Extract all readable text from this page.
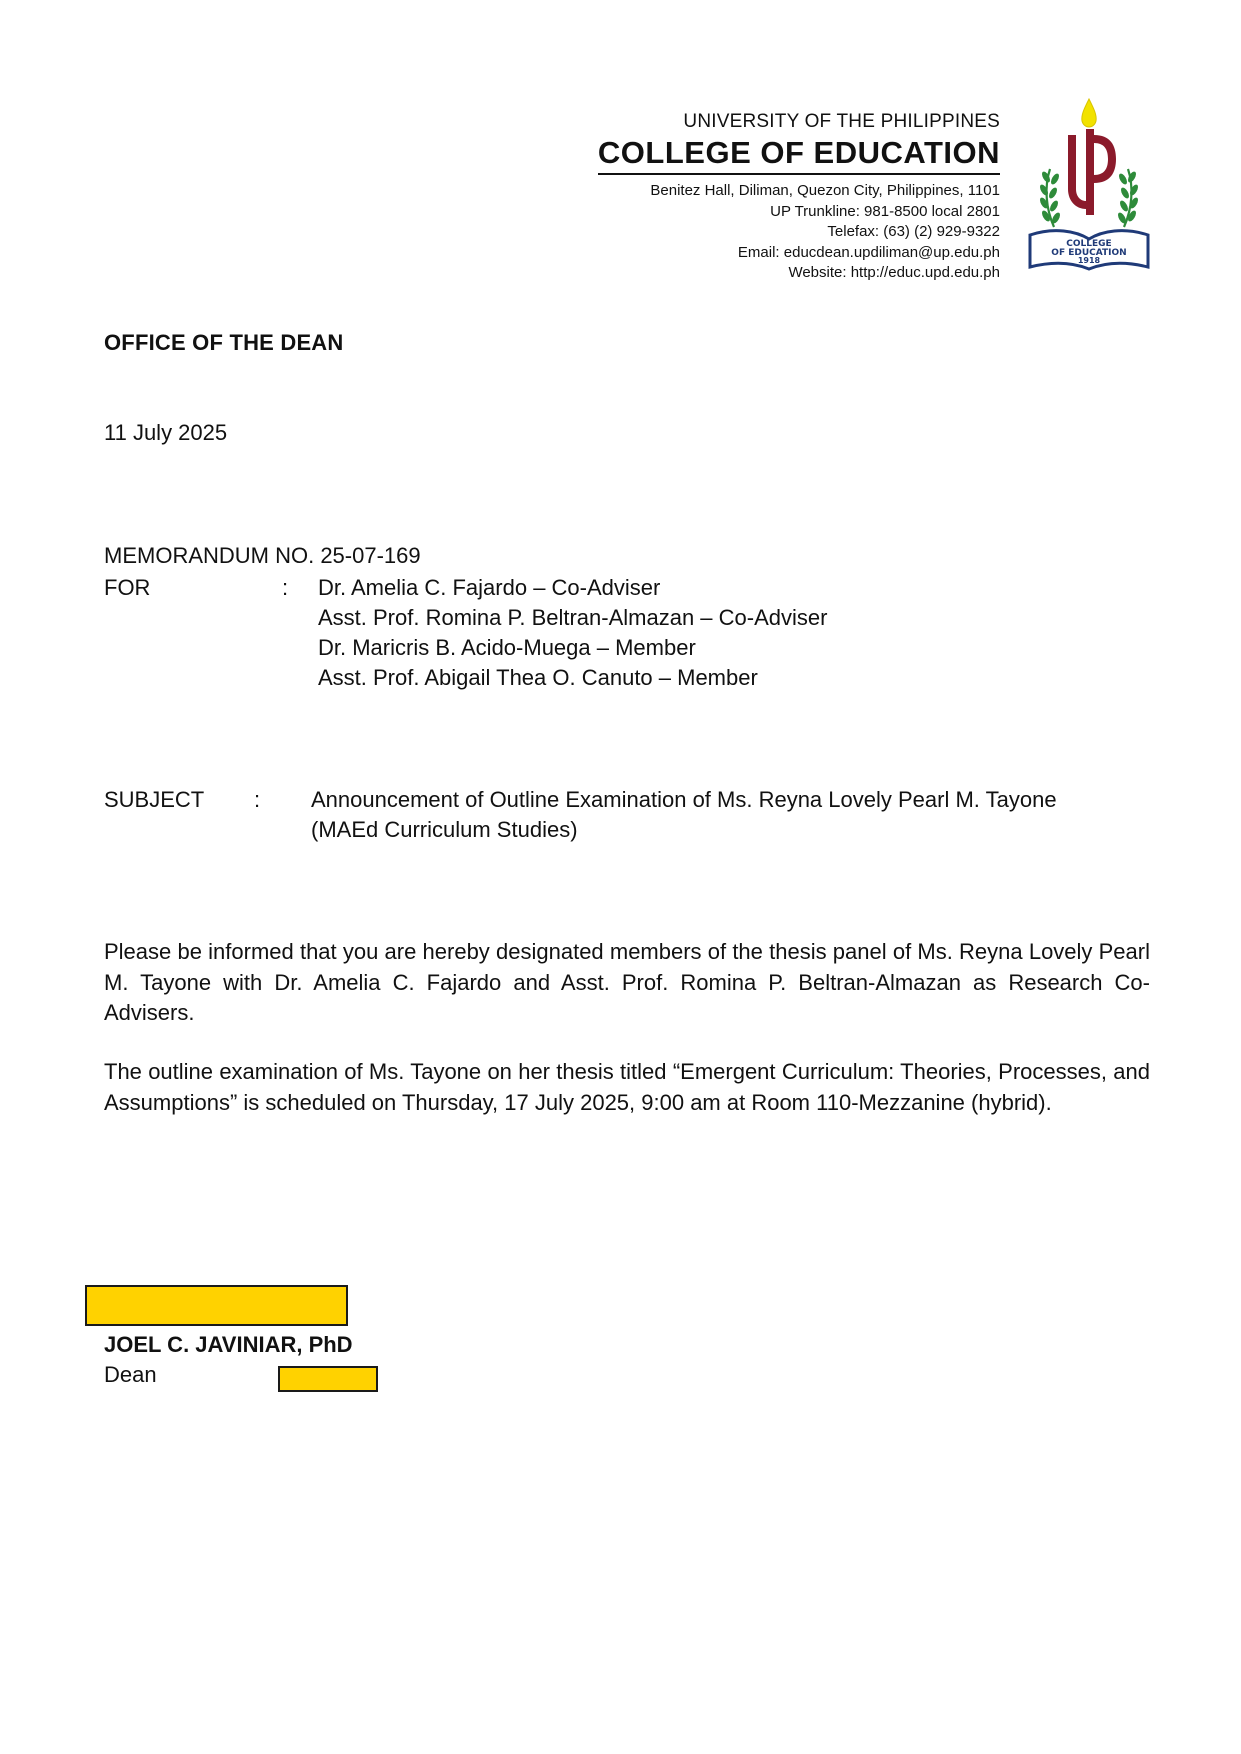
UNIVERSITY OF THE PHILIPPINES
COLLEGE OF EDUCATION
Benitez Hall, Diliman, Quezon City, Philippines, 1101
UP Trunkline: 981-8500 local 2801
Telefax: (63) (2) 929-9322
Email: educdean.updiliman@up.edu.ph
Website: http://educ.upd.edu.ph
COLLEGE
OF EDUCATION
1918
OFFICE OF THE DEAN
11 July 2025
MEMORANDUM NO. 25-07-169
FOR	: Dr. Amelia C. Fajardo – Co-Adviser
Asst. Prof. Romina P. Beltran-Almazan – Co-Adviser
Dr. Maricris B. Acido-Muega – Member
Asst. Prof. Abigail Thea O. Canuto – Member
SUBJECT : Announcement of Outline Examination of Ms. Reyna Lovely Pearl M. Tayone
(MAEd Curriculum Studies)
Please be informed that you are hereby designated members of the thesis panel of Ms. Reyna Lovely Pearl M. Tayone with Dr. Amelia C. Fajardo and Asst. Prof. Romina P. Beltran-Almazan as Research Co-Advisers.
The outline examination of Ms. Tayone on her thesis titled “Emergent Curriculum: Theories, Processes, and Assumptions” is scheduled on Thursday, 17 July 2025, 9:00 am at Room 110-Mezzanine (hybrid).
JOEL C. JAVINIAR, PhD
Dean
